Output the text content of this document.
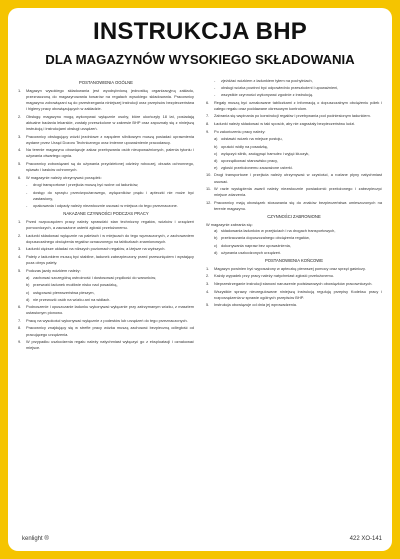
INSTRUKCJA BHP
DLA MAGAZYNÓW WYSOKIEGO SKŁADOWANIA
POSTANOWIENIA OGÓLNE
1.	Magazyn wysokiego składowania jest wyodrębnioną jednostką organizacyjną zakładu, przeznaczoną do magazynowania towarów na regałach wysokiego składowania. Pracownicy magazynu zobowiązani są do przestrzegania niniejszej instrukcji oraz przepisów bezpieczeństwa i higieny pracy obowiązujących w zakładzie.
2.	Obsługę magazynu mogą wykonywać wyłącznie osoby, które ukończyły 18 lat, posiadają aktualne badania lekarskie, zostały przeszkolone w zakresie BHP oraz zapoznały się z niniejszą instrukcją i instrukcjami obsługi urządzeń.
3.	Pracownicy obsługujący wózki jezdniowe z napędem silnikowym muszą posiadać uprawnienia wydane przez Urząd Dozoru Technicznego oraz imienne upoważnienie pracodawcy.
4.	Na terenie magazynu obowiązuje zakaz przebywania osób nieupoważnionych, palenia tytoniu i używania otwartego ognia.
5.	Pracownicy zobowiązani są do używania przydzielonej odzieży roboczej, obuwia ochronnego, rękawic i kasków ochronnych.
6.	W magazynie należy utrzymywać porządek:
-	drogi transportowe i przejścia muszą być wolne od ładunków,
-	dostęp do sprzętu przeciwpożarowego, wyłączników prądu i apteczki nie może być zastawiony,
-	opakowania i odpady należy niezwłocznie usuwać w miejsca do tego przeznaczone.
NAKAZANE CZYNNOŚCI PODCZAS PRACY
1.	Przed rozpoczęciem pracy należy sprawdzić stan techniczny regałów, wózków i urządzeń pomocniczych, a zauważone usterki zgłosić przełożonemu.
2.	Ładunki składować wyłącznie na paletach i w miejscach do tego wyznaczonych, z zachowaniem dopuszczalnego obciążenia regałów oznaczonego na tabliczkach znamionowych.
3.	Ładunki cięższe układać na niższych poziomach regałów, a lżejsze na wyższych.
4.	Palety z ładunkiem muszą być stabilne, ładunek zabezpieczony przed przesunięciem i wystający poza obrys palety.
5.	Podczas jazdy wózkiem należy:
a) zachować szczególną ostrożność i dostosować prędkość do warunków,
b) przewozić ładunek możliwie nisko nad posadzką,
c) ustępować pierwszeństwa pieszym,
d) nie przewozić osób na wózku ani na widłach.
6.	Podnoszenie i opuszczanie ładunku wykonywać wyłącznie przy zatrzymanym wózku, z masztem ustawionym pionowo.
7.	Pracę na wysokości wykonywać wyłącznie z podestów lub urządzeń do tego przeznaczonych.
8.	Pracownicy znajdujący się w strefie pracy wózka muszą zachować bezpieczną odległość od pracującego urządzenia.
9.	W przypadku uszkodzenia regału należy natychmiast wyłączyć go z eksploatacji i oznakować miejsce.
-	zjeżdżać wózkiem z ładunkiem tyłem na pochylniach,
-	obsługi wózka powinni być odpowiednio przeszkoleni i upoważnieni,
-	wszystkie czynności wykonywać zgodnie z instrukcją.
6.	Regały muszą być oznakowane tabliczkami z informacją o dopuszczalnym obciążeniu półek i całego regału oraz poddawane okresowym kontrolom.
7.	Zabrania się wspinania po konstrukcji regałów i przebywania pod podniesionym ładunkiem.
8.	Ładunki należy składować w taki sposób, aby nie zagrażały bezpieczeństwu ludzi.
9.	Po zakończeniu pracy należy:
a) odstawić wózek na miejsce postoju,
b) opuścić widły na posadzkę,
c) wyłączyć silnik, zaciągnąć hamulec i wyjąć kluczyk,
d) uporządkować stanowisko pracy,
e) zgłosić przełożonemu zauważone usterki.
10. Drogi transportowe i przejścia należy utrzymywać w czystości, a rozlane płyny natychmiast usuwać.
11. W razie wystąpienia awarii należy niezwłocznie powiadomić przełożonego i zabezpieczyć miejsce zdarzenia.
12. Pracownicy mają obowiązek stosowania się do znaków bezpieczeństwa umieszczonych na terenie magazynu.
CZYNNOŚCI ZABRONIONE
W magazynie zabrania się:
a) składowania ładunków w przejściach i na drogach transportowych,
b) przekraczania dopuszczalnego obciążenia regałów,
c) dokonywania napraw bez upoważnienia,
d) używania uszkodzonych urządzeń.
POSTANOWIENIA KOŃCOWE
1.	Magazyn powinien być wyposażony w apteczkę pierwszej pomocy oraz sprzęt gaśniczy.
2.	Każdy wypadek przy pracy należy natychmiast zgłosić przełożonemu.
3.	Nieprzestrzeganie instrukcji stanowi naruszenie podstawowych obowiązków pracowniczych.
4.	Wszystkie sprawy nieuregulowane niniejszą instrukcją regulują przepisy Kodeksu pracy i rozporządzenia w sprawie ogólnych przepisów BHP.
5.	Instrukcja obowiązuje od dnia jej wprowadzenia.
kenlight ®	422 XO-141
